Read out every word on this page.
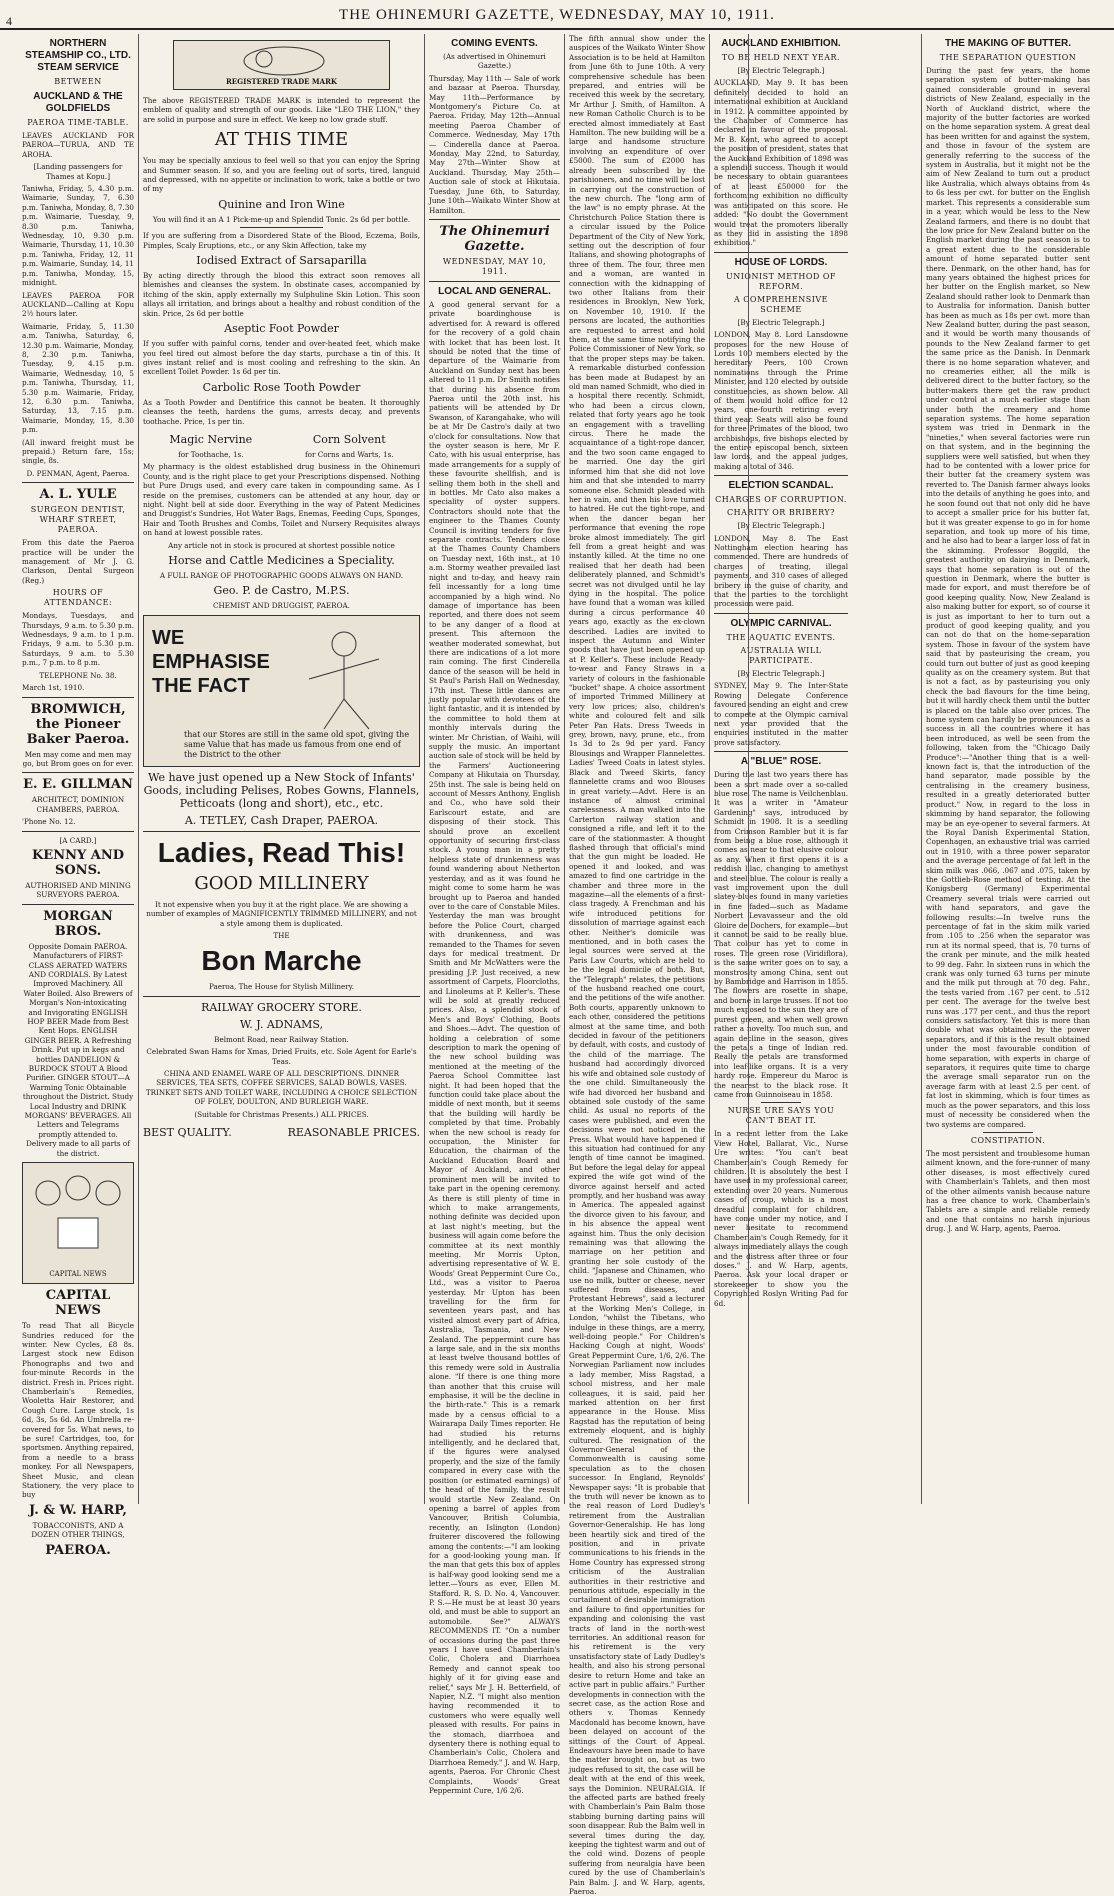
4	THE OHINEMURI GAZETTE, WEDNESDAY, MAY 10, 1911.
NORTHERN STEAMSHIP CO., LTD. STEAM SERVICE
BETWEEN
AUCKLAND & THE GOLDFIELDS
PAEROA TIME-TABLE.

LEAVES AUCKLAND FOR PAEROA—TURUA, AND TE AROHA.

[Landing passengers for Thames at Kopu.]

Taniwha, Friday, 5, 4.30 p.m. Waimarie, Sunday, 7, 6.30 p.m. Taniwha, Monday, 8, 7.30 p.m. Waimarie, Tuesday, 9, 8.30 p.m. Taniwha, Wednesday, 10, 9.30 p.m. Waimarie, Thursday, 11, 10.30 p.m. Taniwha, Friday, 12, 11 p.m. Waimarie, Sunday, 14, 11 p.m. Taniwha, Monday, 15, midnight.

LEAVES PAEROA FOR AUCKLAND—Calling at Kopu 2½ hours later.

Waimarie, Friday, 5, 11.30 a.m. Taniwha, Saturday, 6, 12.30 p.m. Waimarie, Monday, 8, 2.30 p.m. Taniwha, Tuesday, 9, 4.15 p.m. Waimarie, Wednesday, 10, 5 p.m. Taniwha, Thursday, 11, 5.30 p.m. Waimarie, Friday, 12, 6.30 p.m. Taniwha, Saturday, 13, 7.15 p.m. Waimarie, Monday, 15, 8.30 p.m.

(All inward freight must be prepaid.) Return fare, 15s; single, 8s.

D. PENMAN, Agent, Paeroa.

A. L. YULE
SURGEON DENTIST, WHARF STREET, PAEROA.

From this date the Paeroa practice will be under the management of Mr J. G. Clarkson, Dental Surgeon (Reg.)

HOURS OF ATTENDANCE:

Mondays, Tuesdays, and Thursdays, 9 a.m. to 5.30 p.m. Wednesdays, 9 a.m. to 1 p.m. Fridays, 9 a.m. to 5.30 p.m. Saturdays, 9 a.m. to 5.30 p.m., 7 p.m. to 8 p.m.

TELEPHONE No. 38.

March 1st, 1910.

BROMWICH, the Pioneer Baker Paeroa.

Men may come and men may go, but Brom goes on for ever.

E. E. GILLMAN

ARCHITECT, DOMINION CHAMBERS, PAEROA.

'Phone No. 12.

[A CARD.]

KENNY AND SONS.

AUTHORISED AND MINING SURVEYORS PAEROA.

MORGAN BROS.

Opposite Domain PAEROA. Manufacturers of FIRST-CLASS AERATED WATERS AND CORDIALS. By Latest Improved Machinery. All Water Boiled. Also Brewers of Morgan's Non-intoxicating and Invigorating ENGLISH HOP BEER Made from Best Kent Hops. ENGLISH GINGER BEER. A Refreshing Drink. Put up in kegs and bottles DANDELION & BURDOCK STOUT A Blood Purifier. GINGER STOUT—A Warming Tonic Obtainable throughout the District. Study Local Industry and DRINK MORGANS' BEVERAGES. All Letters and Telegrams promptly attended to. Delivery made to all parts of the district.

CAPITAL NEWS
CAPITAL NEWS

To read That all Bicycle Sundries reduced for the winter. New Cycles, £8 8s. Largest stock new Edison Phonographs and two and four-minute Records in the district. Fresh in. Prices right. Chamberlain's Remedies, Wooletta Hair Restorer, and Cough Cure. Large stock, 1s 6d, 3s, 5s 6d. An Umbrella re-covered for 5s. What news, to be sure! Cartridges, too, for sportsmen. Anything repaired, from a needle to a brass monkey. For all Newspapers, Sheet Music, and clean Stationery, the very place to buy

J. & W. HARP,

TOBACCONISTS, AND A DOZEN OTHER THINGS,

PAEROA.
REGISTERED TRADE MARK

The above REGISTERED TRADE MARK is intended to represent the emblem of quality and strength of our goods. Like "LEO THE LION," they are solid in purpose and sure in effect. We keep no low grade stuff.

AT THIS TIME

You may be specially anxious to feel well so that you can enjoy the Spring and Summer season. If so, and you are feeling out of sorts, tired, languid and depressed, with no appetite or inclination to work, take a bottle or two of my

Quinine and Iron Wine

You will find it an A 1 Pick-me-up and Splendid Tonic. 2s 6d per bottle.

If you are suffering from a Disordered State of the Blood, Eczema, Boils, Pimples, Scaly Eruptions, etc., or any Skin Affection, take my

Iodised Extract of Sarsaparilla

By acting directly through the blood this extract soon removes all blemishes and cleanses the system. In obstinate cases, accompanied by itching of the skin, apply externally my Sulphuline Skin Lotion. This soon allays all irritation, and brings about a healthy and robust condition of the skin. Price, 2s 6d per bottle

Aseptic Foot Powder

If you suffer with painful corns, tender and over-heated feet, which make you feel tired out almost before the day starts, purchase a tin of this. It gives instant relief and is most cooling and refreshing to the skin. An excellent Toilet Powder. 1s 6d per tin.

Carbolic Rose Tooth Powder

As a Tooth Powder and Dentifrice this cannot be beaten. It thoroughly cleanses the teeth, hardens the gums, arrests decay, and prevents toothache. Price, 1s per tin.

Magic Nervine

for Toothache, 1s.

Corn Solvent

for Corns and Warts, 1s.

My pharmacy is the oldest established drug business in the Ohinemuri County, and is the right place to get your Prescriptions dispensed. Nothing but Pure Drugs used, and every care taken in compounding same. As I reside on the premises, customers can be attended at any hour, day or night. Night bell at side door. Everything in the way of Patent Medicines and Druggist's Sundries, Hot Water Bags, Enemas, Feeding Cups, Sponges, Hair and Tooth Brushes and Combs, Toilet and Nursery Requisites always on hand at lowest possible rates.

Any article not in stock is procured at shortest possible notice

Horse and Cattle Medicines a Speciality.

A FULL RANGE OF PHOTOGRAPHIC GOODS ALWAYS ON HAND.

Geo. P. de Castro, M.P.S.

CHEMIST AND DRUGGIST, PAEROA.

WE EMPHASISE THE FACT
that our Stores are still in the same old spot, giving the same Value that has made us famous from one end of the District to the other
We have just opened up a New Stock of Infants' Goods, including Pelises, Robes Gowns, Flannels, Petticoats (long and short), etc., etc.
A. TETLEY, Cash Draper, PAEROA.
Ladies, Read This!
GOOD MILLINERY

It not expensive when you buy it at the right place. We are showing a number of examples of MAGNIFICENTLY TRIMMED MILLINERY, and not a style among them is duplicated.

THE

Bon Marche

Paeroa, The House for Stylish Millinery.

RAILWAY GROCERY STORE.
W. J. ADNAMS,

Belmont Road, near Railway Station.

Celebrated Swan Hams for Xmas, Dried Fruits, etc. Sole Agent for Earle's Teas.

CHINA AND ENAMEL WARE OF ALL DESCRIPTIONS. DINNER SERVICES, TEA SETS, COFFEE SERVICES, SALAD BOWLS, VASES. TRINKET SETS AND TOILET WARE, INCLUDING A CHOICE SELECTION OF FOLEY, DOULTON, AND BURLEIGH WARE.

(Suitable for Christmas Presents.) ALL PRICES.

BEST QUALITY.	REASONABLE PRICES.
COMING EVENTS.

(As advertised in Ohinemuri Gazette.)

Thursday, May 11th — Sale of work and bazaar at Paeroa. Thursday, May 11th—Performance by Montgomery's Picture Co. at Paeroa. Friday, May 12th—Annual meeting Paeroa Chamber of Commerce. Wednesday, May 17th — Cinderella dance at Paeroa. Monday, May 22nd, to Saturday, May 27th—Winter Show at Auckland. Thursday, May 25th—Auction sale of stock at Hikutaia. Tuesday, June 6th, to Saturday, June 10th—Waikato Winter Show at Hamilton.

The Ohinemuri Gazette.
WEDNESDAY, MAY 10, 1911.
LOCAL AND GENERAL.

A good general servant for a private boardinghouse is advertised for. A reward is offered for the recovery of a gold chain with locket that has been lost. It should be noted that the time of departure of the Waimarie from Auckland on Sunday next has been altered to 11 p.m. Dr Smith notifies that during his absence from Paeroa until the 20th inst. his patients will be attended by Dr Swanson, of Karangahake, who will be at Mr De Castro's daily at two o'clock for consultations. Now that the oyster season is here, Mr F. Cato, with his usual enterprise, has made arrangements for a supply of these favourite shellfish, and is selling them both in the shell and in bottles. Mr Cato also makes a speciality of oyster suppers. Contractors should note that the engineer to the Thames County Council is inviting tenders for five separate contracts. Tenders close at the Thames County Chambers on Tuesday next, 16th inst., at 10 a.m. Stormy weather prevailed last night and to-day, and heavy rain fell incessantly for a long time accompanied by a high wind. No damage of importance has been reported, and there does not seem to be any danger of a flood at present. This afternoon the weather moderated somewhat, but there are indications of a lot more rain coming. The first Cinderella dance of the season will be held in St Paul's Parish Hall on Wednesday, 17th inst. These little dances are justly popular with devotees of the light fantastic, and it is intended by the committee to hold them at monthly intervals during the winter. Mr Christian, of Waihi, will supply the music. An important auction sale of stock will be held by the Farmers' Auctioneering Company at Hikutaia on Thursday, 25th inst. The sale is being held on account of Messrs Anthony, English and Co., who have sold their Earlscourt estate, and are disposing of their stock. This should prove an excellent opportunity of securing first-class stock. A young man in a pretty helpless state of drunkenness was found wandering about Netherton yesterday, and as it was found he might come to some harm he was brought up to Paeroa and handed over to the care of Constable Miles. Yesterday the man was brought before the Police Court, charged with drunkenness, and was remanded to the Thames for seven days for medical treatment. Dr Smith and Mr McWatters were the presiding J.P. Just received, a new assortment of Carpets, Floorcloths, and Linoleums at P. Keller's. These will be sold at greatly reduced prices. Also, a splendid stock of Men's and Boys' Clothing, Boots and Shoes.—Advt. The question of holding a celebration of some description to mark the opening of the new school building was mentioned at the meeting of the Paeroa School Committee last night. It had been hoped that the function could take place about the middle of next month, but it seems that the building will hardly be completed by that time. Probably when the new school is ready for occupation, the Minister for Education, the chairman of the Auckland Education Board and Mayor of Auckland, and other prominent men will be invited to take part in the opening ceremony. As there is still plenty of time in which to make arrangements, nothing definite was decided upon at last night's meeting, but the business will again come before the committee at its next monthly meeting. Mr Morris Upton, advertising representative of W. E. Woods' Great Peppermint Cure Co., Ltd., was a visitor to Paeroa yesterday. Mr Upton has been travelling for the firm for seventeen years past, and has visited almost every part of Africa, Australia, Tasmania, and New Zealand. The peppermint cure has a large sale, and in the six months at least twelve thousand bottles of this remedy were sold in Australia alone. "If there is one thing more than another that this cruise will emphasise, it will be the decline in the birth-rate." This is a remark made by a census official to a Wairarapa Daily Times reporter. He had studied his returns intelligently, and he declared that, if the figures were analysed properly, and the size of the family compared in every case with the position (or estimated earnings) of the head of the family, the result would startle New Zealand. On opening a barrel of apples from Vancouver, British Columbia, recently, an Islington (London) fruiterer discovered the following among the contents:—"I am looking for a good-looking young man. If the man that gets this box of apples is half-way good looking send me a letter.—Yours as ever, Ellen M. Stafford. R. S. D. No. 4, Vancouver. P. S.—He must be at least 30 years old, and must be able to support an automobile. See?" ALWAYS RECOMMENDS IT. "On a number of occasions during the past three years I have used Chamberlain's Colic, Cholera and Diarrhoea Remedy and cannot speak too highly of it for giving ease and relief," says Mr J. H. Betterfield, of Napier, N.Z. "I might also mention having recommended it to customers who were equally well pleased with results. For pains in the stomach, diarrhoea and dysentery there is nothing equal to Chamberlain's Colic, Cholera and Diarrhoea Remedy." J. and W. Harp, agents, Paeroa. For Chronic Chest Complaints, Woods' Great Peppermint Cure, 1/6 2/6.

The fifth annual show under the auspices of the Waikato Winter Show Association is to be held at Hamilton from June 6th to June 10th. A very comprehensive schedule has been prepared, and entries will be received this week by the secretary, Mr Arthur J. Smith, of Hamilton. A new Roman Catholic Church is to be erected almost immediately at East Hamilton. The new building will be a large and handsome structure involving an expenditure of over £5000. The sum of £2000 has already been subscribed by the parishioners, and no time will be lost in carrying out the construction of the new church. The "long arm of the law" is no empty phrase. At the Christchurch Police Station there is a circular issued by the Police Department of the City of New York, setting out the description of four Italians, and showing photographs of three of them. The four, three men and a woman, are wanted in connection with the kidnapping of two other Italians from their residences in Brooklyn, New York, on November 10, 1910. If the persons are located, the authorities are requested to arrest and hold them, at the same time notifying the Police Commissioner of New York, so that the proper steps may be taken. A remarkable disturbed confession has been made at Budapest by an old man named Schmidt, who died in a hospital there recently. Schmidt, who had been a circus clown, related that forty years ago he took an engagement with a travelling circus. There he made the acquaintance of a tight-rope dancer, and the two soon came engaged to be married. One day the girl informed him that she did not love him and that she intended to marry someone else. Schmidt pleaded with her in vain, and then his love turned to hatred. He cut the tight-rope, and when the dancer began her performance that evening the rope broke almost immediately. The girl fell from a great height and was instantly killed. At the time no one realised that her death had been deliberately planned, and Schmidt's secret was not divulged until he lay dying in the hospital. The police have found that a woman was killed during a circus performance 40 years ago, exactly as the ex-clown described. Ladies are invited to inspect the Autumn and Winter goods that have just been opened up at P. Keller's. These include Ready-to-wear and Fancy Straws in a variety of colours in the fashionable "bucket" shape. A choice assortment of imported Trimmed Millinery at very low prices; also, children's white and coloured felt and silk Peter Pan Hats. Dress Tweeds in grey, brown, navy, prune, etc., from 1s 3d to 2s 9d per yard. Fancy Blousings and Wrapper Flannelettes. Ladies' Tweed Coats in latest styles. Black and Tweed Skirts, fancy flannelette crams and woo Blouses in great variety.—Advt. Here is an instance of almost criminal carelessness. A man walked into the Carterton railway station and consigned a rifle, and left it to the care of the stationmaster. A thought flashed through that official's mind that the gun might be loaded. He opened it and looked, and was amazed to find one cartridge in the chamber and three more in the magazine—all the elements of a first-class tragedy. A Frenchman and his wife introduced petitions for dissolution of marriage against each other. Neither's domicile was mentioned, and in both cases the legal sources were served at the Paris Law Courts, which are held to be the legal domicile of both. But, the "Telegraph" relates, the petitions of the husband reached one court, and the petitions of the wife another. Both courts, apparently unknown to each other, considered the petitions almost at the same time, and both decided in favour of the petitioners by default, with costs, and custody of the child of the marriage. The husband had accordingly divorced his wife and obtained sole custody of the one child. Simultaneously the wife had divorced her husband and obtained sole custody of the same child. As usual no reports of the cases were published, and even the decisions were not noticed in the Press. What would have happened if this situation had continued for any length of time cannot be imagined. But before the legal delay for appeal expired the wife got wind of the divorce against herself and acted promptly, and her husband was away in America. The appealed against the divorce given to his favour, and in his absence the appeal went against him. Thus the only decision remaining was that allowing the marriage on her petition and granting her sole custody of the child. "Japanese and Chinamen, who use no milk, butter or cheese, never suffered from diseases, and Protestant Hebrews", said a lecturer at the Working Men's College, in London, "whilst the Tibetans, who indulge in these things, are a merry, well-doing people." For Children's Hacking Cough at night, Woods' Great Peppermint Cure, 1/6, 2/6. The Norwegian Parliament now includes a lady member, Miss Ragstad, a school mistress, and her male colleagues, it is said, paid her marked attention on her first appearance in the House. Miss Ragstad has the reputation of being extremely eloquent, and is highly cultured. The resignation of the Governor-General of the Commonwealth is causing some speculation as to the chosen successor. In England, Reynolds' Newspaper says: "It is probable that the truth will never be known as to the real reason of Lord Dudley's retirement from the Australian Governor-Generalship. He has long been heartily sick and tired of the position, and in private communications to his friends in the Home Country has expressed strong criticism of the Australian authorities in their restrictive and penurious attitude, especially in the curtailment of desirable immigration and failure to find opportunities for expanding and colonising the vast tracts of land in the north-west territories. An additional reason for his retirement is the very unsatisfactory state of Lady Dudley's health, and also his strong personal desire to return Home and take an active part in public affairs." Further developments in connection with the secret case, as the action Rose and others v. Thomas Kennedy Macdonald has become known, have been delayed on account of the sittings of the Court of Appeal. Endeavours have been made to have the matter brought on, but as two judges refused to sit, the case will be dealt with at the end of this week, says the Dominion. NEURALGIA. If the affected parts are bathed freely with Chamberlain's Pain Balm those stabbing burning darting pains will soon disappear. Rub the Balm well in several times during the day, keeping the tightest warm and out of the cold wind. Dozens of people suffering from neuralgia have been cured by the use of Chamberlain's Pain Balm. J. and W. Harp, agents, Paeroa.

AUCKLAND EXHIBITION.
TO BE HELD NEXT YEAR.

[By Electric Telegraph.]

AUCKLAND, May 9. It has been definitely decided to hold an international exhibition at Auckland in 1912. A committee appointed by the Chamber of Commerce has declared in favour of the proposal. Mr B. Kent, who agreed to accept the position of president, states that the Auckland Exhibition of 1898 was a splendid success. Though it would be necessary to obtain guarantees of at least £50000 for the forthcoming exhibition no difficulty was anticipated on this score. He added: "No doubt the Government would treat the promoters liberally as they did in assisting the 1898 exhibition."

HOUSE OF LORDS.
UNIONIST METHOD OF REFORM.
A COMPREHENSIVE SCHEME

[By Electric Telegraph.]

LONDON, May 8. Lord Lansdowne proposes for the new House of Lords 100 members elected by the hereditary Peers, 100 Crown nominations through the Prime Minister, and 120 elected by outside constituencies, as shown below. All of them would hold office for 12 years, one-fourth retiring every third year. Seats will also be found for three Primates of the blood, two archbishops, five bishops elected by the entire episcopal bench, sixteen law lords, and the appeal judges, making a total of 346.

ELECTION SCANDAL.
CHARGES OF CORRUPTION.
CHARITY OR BRIBERY?

[By Electric Telegraph.]

LONDON, May 8. The East Nottingham election hearing has commenced. There are hundreds of charges of treating, illegal payments, and 310 cases of alleged bribery in the guise of charity, and that the parties to the torchlight procession were paid.

OLYMPIC CARNIVAL.
THE AQUATIC EVENTS.
AUSTRALIA WILL PARTICIPATE.

[By Electric Telegraph.]

SYDNEY, May 9. The Inter-State Rowing Delegate Conference favoured sending an eight and crew to compete at the Olympic carnival next year provided that the enquiries instituted in the matter prove satisfactory.

A "BLUE" ROSE.

During the last two years there has been a sort made over a so-called blue rose. The name is Veilchenblau. It was a writer in "Amateur Gardening" says, introduced by Schmidt in 1908. It is a seedling from Crimson Rambler but it is far from being a blue rose, although it comes as near to that elusive colour as any. When it first opens it is a reddish lilac, changing to amethyst and steel blue. The colour is really a vast improvement upon the dull slatey-blues found in many varieties in fine faded—such as Madame Norbert Levavasseur and the old Gloire de Dochers, for example—but it cannot be said to be really blue. That colour has yet to come in roses. The green rose (Viridiflora), is the same writer goes on to say, a monstrosity among China, sent out by Bambridge and Harrison in 1855. The flowers are rosette in shape, and borne in large trusses. If not too much exposed to the sun they are of purest green, and when well grown rather a novelty. Too much sun, and again decline in the season, gives the petals a tinge of Indian red. Really the petals are transformed into leaf-like organs. It is a very hardy rose. Empereur du Maroc is the nearest to the black rose. It came from Guinnoiseau in 1858.

NURSE URE SAYS YOU CAN'T BEAT IT.

In a recent letter from the Lake View Hotel, Ballarat, Vic., Nurse Ure writes: "You can't beat Chamberlain's Cough Remedy for children. It is absolutely the best I have used in my professional career, extending over 20 years. Numerous cases of croup, which is a most dreadful complaint for children, have come under my notice, and I never hesitate to recommend Chamberlain's Cough Remedy, for it always immediately allays the cough and the distress after three or four doses." J. and W. Harp, agents, Paeroa. Ask your local draper or storekeeper to show you the Copyrighted Roslyn Writing Pad for 6d.

THE MAKING OF BUTTER.
THE SEPARATION QUESTION

During the past few years, the home separation system of butter-making has gained considerable ground in several districts of New Zealand, especially in the North of Auckland district, where the majority of the butter factories are worked on the home separation system. A great deal has been written for and against the system, and those in favour of the system are generally referring to the success of the system in Australia, but it might not be the aim of New Zealand to turn out a product like Australia, which always obtains from 4s to 6s less per cwt. for butter on the English market. This represents a considerable sum in a year, which would be less to the New Zealand farmers, and there is no doubt that the low price for New Zealand butter on the English market during the past season is to a great extent due to the considerable amount of home separated butter sent there. Denmark, on the other hand, has for many years obtained the highest prices for her butter on the English market, so New Zealand should rather look to Denmark than to Australia for information. Danish butter has been as much as 18s per cwt. more than New Zealand butter, during the past season, and it would be worth many thousands of pounds to the New Zealand farmer to get the same price as the Danish. In Denmark there is no home separation whatever, and no creameries either, all the milk is delivered direct to the butter factory, so the butter-makers there get the raw product under control at a much earlier stage than under both the creamery and home separation systems. The home separation system was tried in Denmark in the "nineties," when several factories were run on that system, and in the beginning the suppliers were well satisfied, but when they had to be contented with a lower price for their butter fat the creamery system was reverted to. The Danish farmer always looks into the details of anything he goes into, and he soon found out that not only did he have to accept a smaller price for his butter fat, but it was greater expense to go in for home separation, and took up more of his time, and he also had to bear a larger loss of fat in the skimming. Professor Boggild, the greatest authority on dairying in Denmark, says that home separation is out of the question in Denmark, where the butter is made for export, and must therefore be of good keeping quality. Now, New Zealand is also making butter for export, so of course it is just as important to her to turn out a product of good keeping quality, and you can not do that on the home-separation system. Those in favour of the system have said that by pasteurising the cream, you could turn out butter of just as good keeping quality as on the creamery system. But that is not a fact, as by pasteurising you only check the bad flavours for the time being, but it will hardly check them until the butter is placed on the table also over prices. The home system can hardly be pronounced as a success in all the countries where it has been introduced, as well be seen from the following, taken from the "Chicago Daily Produce":—"Another thing that is a well-known fact is, that the introduction of the hand separator, made possible by the centralising in the creamery business, resulted in a greatly deteriorated butter product." Now, in regard to the loss in skimming by hand separator, the following may be an eye-opener to several farmers. At the Royal Danish Experimental Station, Copenhagen, an exhaustive trial was carried out in 1910, with a three power separator and the average percentage of fat left in the skim milk was .066, .067 and .075, taken by the Gottlieb-Rose method of testing. At the Konigsberg (Germany) Experimental Creamery several trials were carried out with hand separators, and gave the following results:—In twelve runs the percentage of fat in the skim milk varied from .105 to .256 when the separator was run at its normal speed, that is, 70 turns of the crank per minute, and the milk heated to 99 deg. Fahr. In sixteen runs in which the crank was only turned 63 turns per minute and the milk put through at 70 deg. Fahr., the tests varied from .167 per cent. to .512 per cent. The average for the twelve best runs was .177 per cent., and thus the report considers satisfactory. Yet this is more than double what was obtained by the power separators, and if this is the result obtained under the most favourable condition of home separation, with experts in charge of separators, it requires quite time to charge the average small separator run on the average farm with at least 2.5 per cent. of fat lost in skimming, which is four times as much as the power separators, and this loss must of necessity be considered when the two systems are compared.

CONSTIPATION.

The most persistent and troublesome human ailment known, and the fore-runner of many other diseases, is most effectively cured with Chamberlain's Tablets, and then most of the other ailments vanish because nature has a free chance to work. Chamberlain's Tablets are a simple and reliable remedy and one that contains no harsh injurious drug. J. and W. Harp, agents, Paeroa.
